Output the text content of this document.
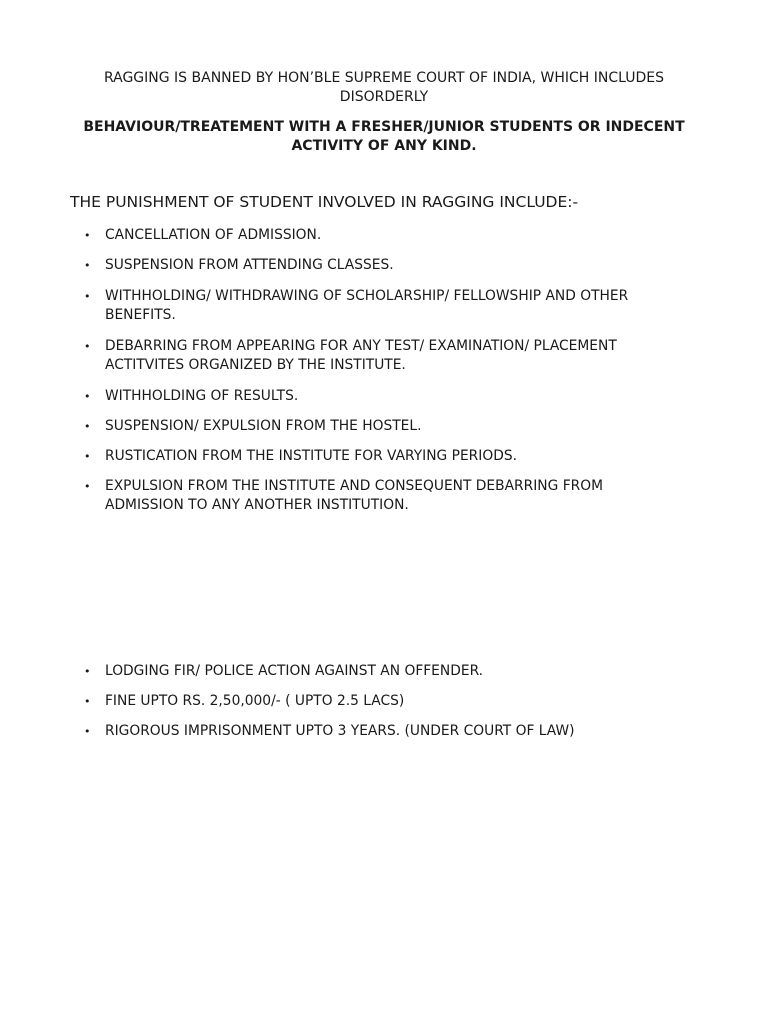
RAGGING IS BANNED BY HON’BLE SUPREME COURT OF INDIA, WHICH INCLUDES DISORDERLY
BEHAVIOUR/TREATEMENT WITH A FRESHER/JUNIOR STUDENTS OR INDECENT ACTIVITY OF ANY KIND.
THE PUNISHMENT OF STUDENT INVOLVED IN RAGGING INCLUDE:-
• CANCELLATION OF ADMISSION.
• SUSPENSION FROM ATTENDING CLASSES.
• WITHHOLDING/ WITHDRAWING OF SCHOLARSHIP/ FELLOWSHIP AND OTHER BENEFITS.
• DEBARRING FROM APPEARING FOR ANY TEST/ EXAMINATION/ PLACEMENT ACTITVITES ORGANIZED BY THE INSTITUTE.
• WITHHOLDING OF RESULTS.
• SUSPENSION/ EXPULSION FROM THE HOSTEL.
• RUSTICATION FROM THE INSTITUTE FOR VARYING PERIODS.
• EXPULSION FROM THE INSTITUTE AND CONSEQUENT DEBARRING FROM ADMISSION TO ANY ANOTHER INSTITUTION.
• LODGING FIR/ POLICE ACTION AGAINST AN OFFENDER.
• FINE UPTO RS. 2,50,000/- ( UPTO 2.5 LACS)
• RIGOROUS IMPRISONMENT UPTO 3 YEARS. (UNDER COURT OF LAW)
